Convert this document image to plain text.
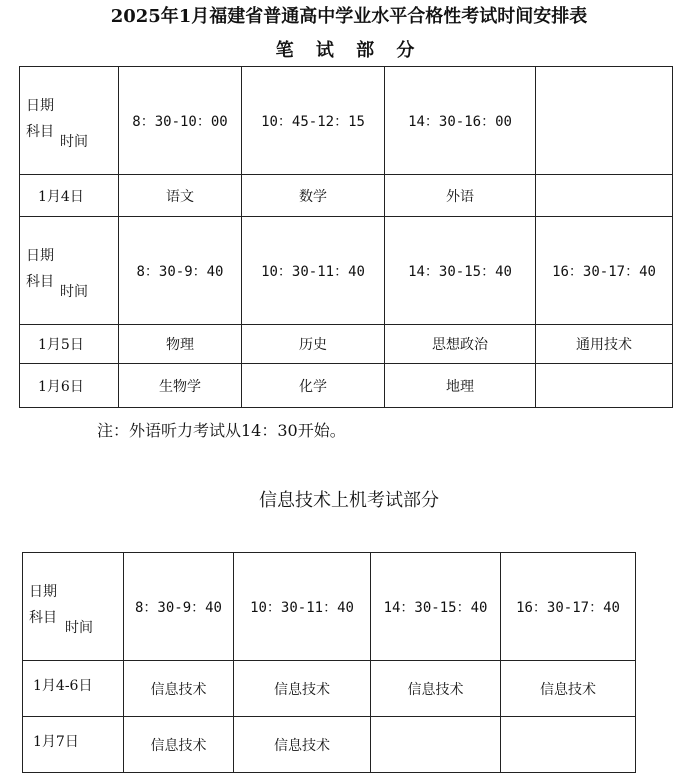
2025年1月福建省普通高中学业水平合格性考试时间安排表
笔 试 部 分
时间
科目
日期	8：30-10：00	10：45-12：15	14：30-16：00	
1月4日	语文	数学	外语	

时间
科目
日期	8：30-9：40	10：30-11：40	14：30-15：40	16：30-17：40
1月5日	物理	历史	思想政治	通用技术
1月6日	生物学	化学	地理	
注：外语听力考试从14：30开始。
信息技术上机考试部分
时间
科目
日期	8：30-9：40	10：30-11：40	14：30-15：40	16：30-17：40
1月4-6日	信息技术	信息技术	信息技术	信息技术
1月7日	信息技术	信息技术		
